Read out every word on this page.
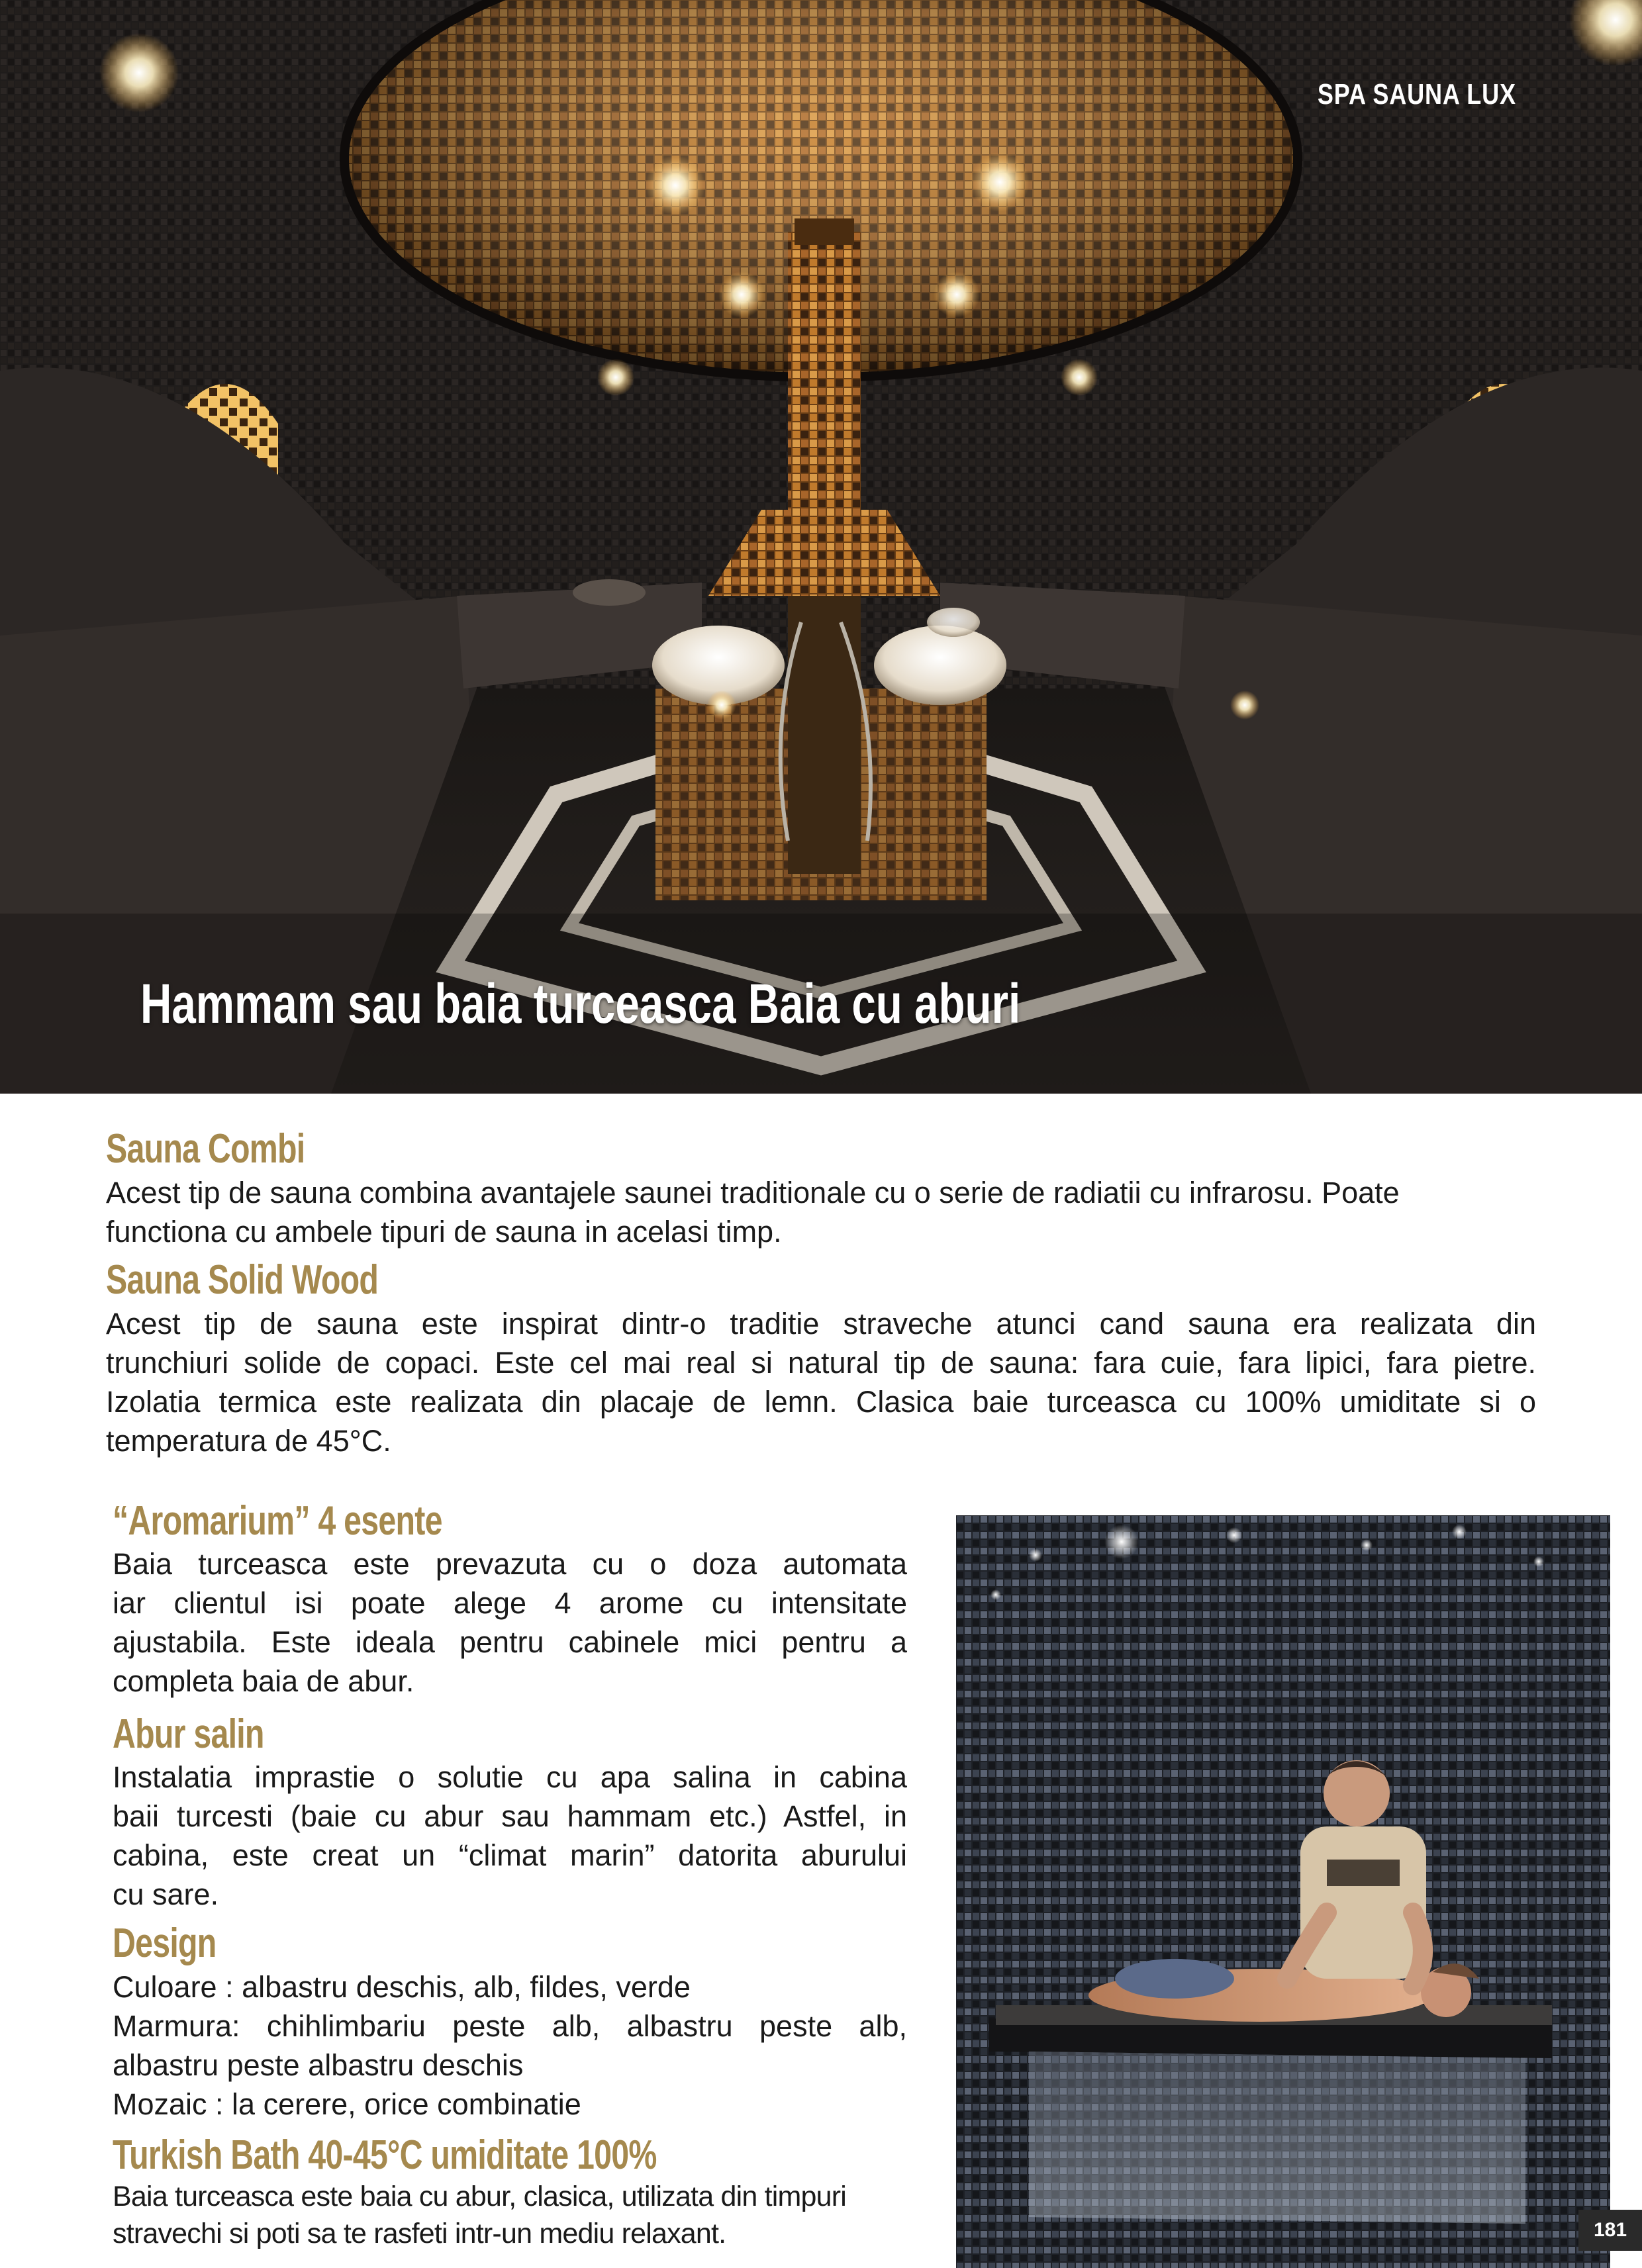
SPA SAUNA LUX
Hammam sau baia turceasca Baia cu aburi
Sauna Combi
Acest tip de sauna combina avantajele saunei traditionale cu o serie de radiatii cu infrarosu. Poate
functiona cu ambele tipuri de sauna in acelasi timp.
Sauna Solid Wood
Acest tip de sauna este inspirat dintr-o traditie straveche atunci cand sauna era realizata din
trunchiuri solide de copaci. Este cel mai real si natural tip de sauna: fara cuie, fara lipici, fara pietre.
Izolatia termica este realizata din placaje de lemn. Clasica baie turceasca cu 100% umiditate si o
temperatura de 45°C.
“Aromarium” 4 esente
Baia turceasca este prevazuta cu o doza automata
iar clientul isi poate alege 4 arome cu intensitate
ajustabila. Este ideala pentru cabinele mici pentru a
completa baia de abur.
Abur salin
Instalatia imprastie o solutie cu apa salina in cabina
baii turcesti (baie cu abur sau hammam etc.) Astfel, in
cabina, este creat un “climat marin” datorita aburului
cu sare.
Design
Culoare : albastru deschis, alb, fildes, verde
Marmura: chihlimbariu peste alb, albastru peste alb,
albastru peste albastru deschis
Mozaic : la cerere, orice combinatie
Turkish Bath 40-45°C umiditate 100%
Baia turceasca este baia cu abur, clasica, utilizata din timpuri
stravechi si poti sa te rasfeti intr-un mediu relaxant.	181
